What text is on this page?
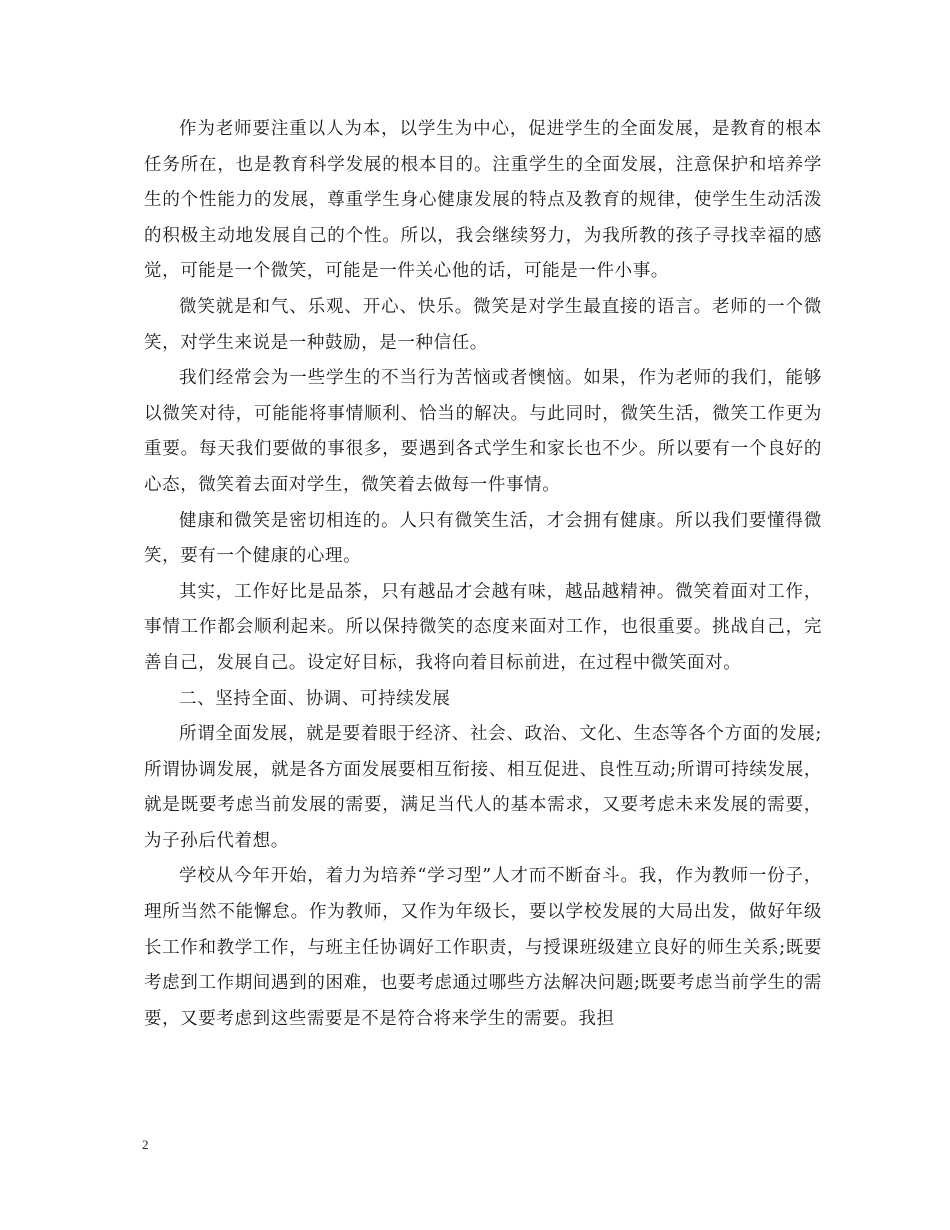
作为老师要注重以人为本，以学生为中心，促进学生的全面发展，是教育的根本任务所在，也是教育科学发展的根本目的。注重学生的全面发展，注意保护和培养学生的个性能力的发展，尊重学生身心健康发展的特点及教育的规律，使学生生动活泼的积极主动地发展自己的个性。所以，我会继续努力，为我所教的孩子寻找幸福的感觉，可能是一个微笑，可能是一件关心他的话，可能是一件小事。

微笑就是和气、乐观、开心、快乐。微笑是对学生最直接的语言。老师的一个微笑，对学生来说是一种鼓励，是一种信任。

我们经常会为一些学生的不当行为苦恼或者懊恼。如果，作为老师的我们，能够以微笑对待，可能能将事情顺利、恰当的解决。与此同时，微笑生活，微笑工作更为重要。每天我们要做的事很多，要遇到各式学生和家长也不少。所以要有一个良好的心态，微笑着去面对学生，微笑着去做每一件事情。

健康和微笑是密切相连的。人只有微笑生活，才会拥有健康。所以我们要懂得微笑，要有一个健康的心理。

其实，工作好比是品茶，只有越品才会越有味，越品越精神。微笑着面对工作，事情工作都会顺利起来。所以保持微笑的态度来面对工作，也很重要。挑战自己，完善自己，发展自己。设定好目标，我将向着目标前进，在过程中微笑面对。

二、坚持全面、协调、可持续发展

所谓全面发展，就是要着眼于经济、社会、政治、文化、生态等各个方面的发展;所谓协调发展，就是各方面发展要相互衔接、相互促进、良性互动;所谓可持续发展，就是既要考虑当前发展的需要，满足当代人的基本需求，又要考虑未来发展的需要，为子孙后代着想。

学校从今年开始，着力为培养“学习型”人才而不断奋斗。我，作为教师一份子，理所当然不能懈怠。作为教师，又作为年级长，要以学校发展的大局出发，做好年级长工作和教学工作，与班主任协调好工作职责，与授课班级建立良好的师生关系;既要考虑到工作期间遇到的困难，也要考虑通过哪些方法解决问题;既要考虑当前学生的需要，又要考虑到这些需要是不是符合将来学生的需要。我担

2
